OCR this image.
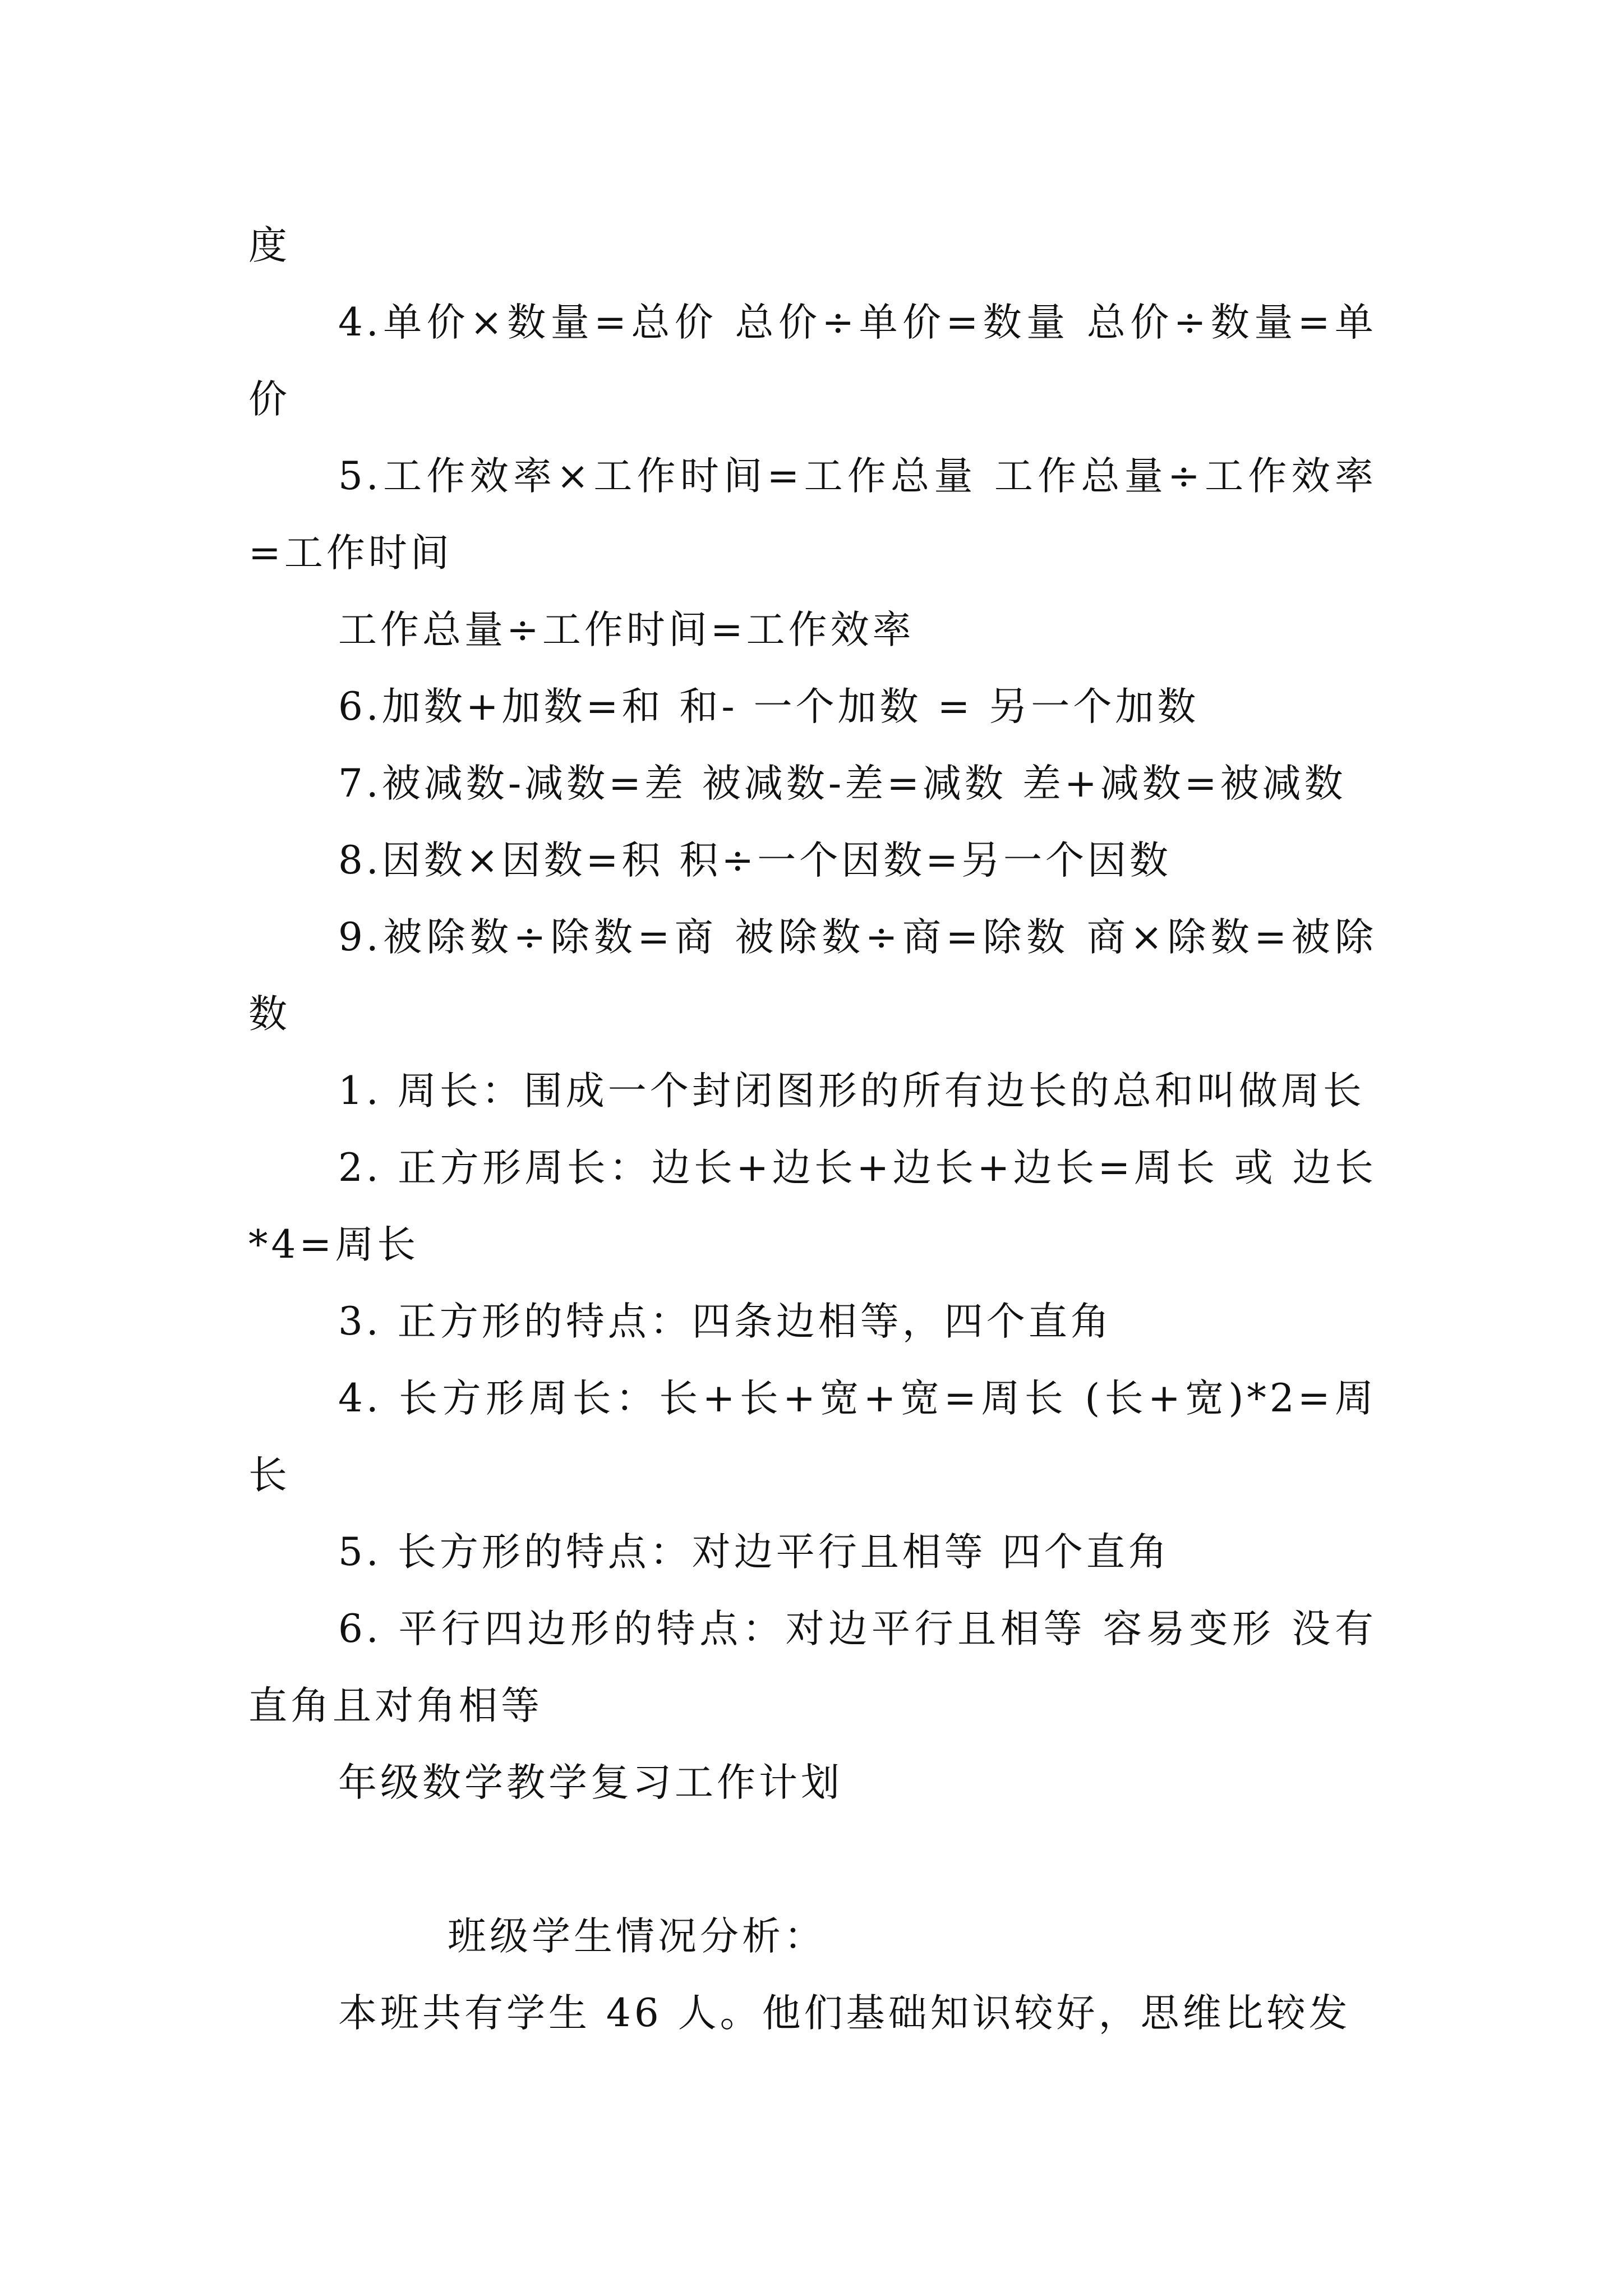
度

4.单价×数量=总价 总价÷单价=数量 总价÷数量=单价

5.工作效率×工作时间=工作总量 工作总量÷工作效率=工作时间

工作总量÷工作时间=工作效率

6.加数+加数=和 和- 一个加数 = 另一个加数

7.被减数-减数=差 被减数-差=减数 差+减数=被减数

8.因数×因数=积 积÷一个因数=另一个因数

9.被除数÷除数=商 被除数÷商=除数 商×除数=被除数

1. 周长：围成一个封闭图形的所有边长的总和叫做周长

2. 正方形周长：边长+边长+边长+边长=周长 或 边长*4=周长

3. 正方形的特点：四条边相等，四个直角

4. 长方形周长：长+长+宽+宽=周长 (长+宽)*2=周长

5. 长方形的特点：对边平行且相等 四个直角

6. 平行四边形的特点：对边平行且相等 容易变形 没有直角且对角相等

年级数学教学复习工作计划

班级学生情况分析：

本班共有学生 46 人。他们基础知识较好，思维比较发
